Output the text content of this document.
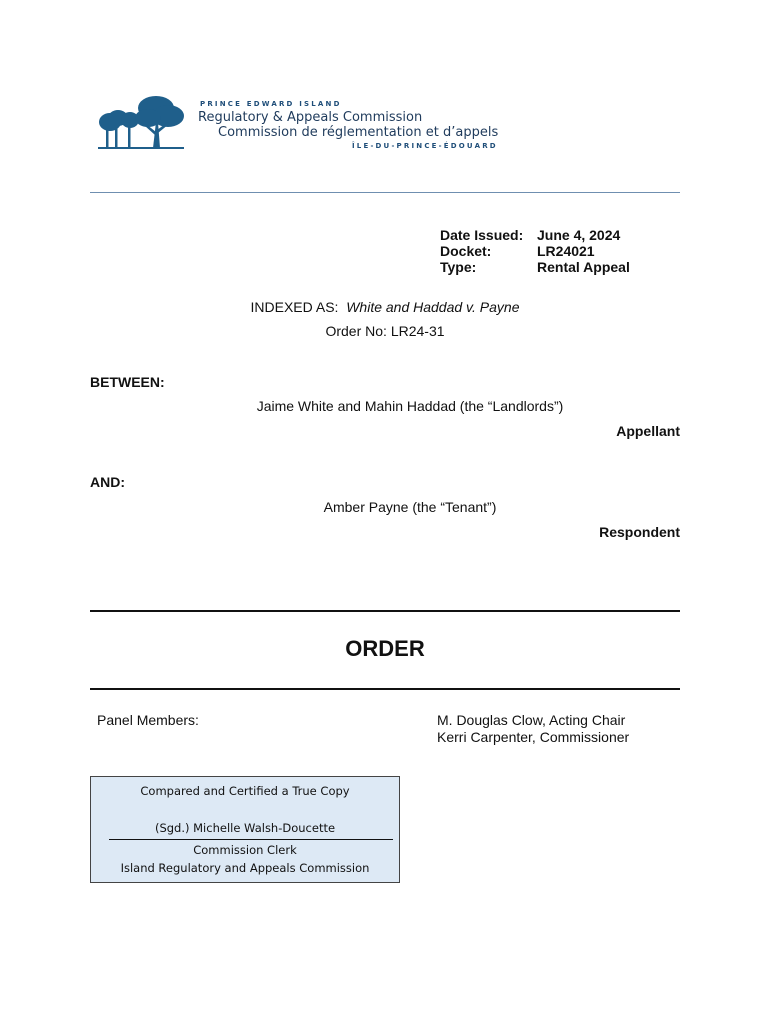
PRINCE EDWARD ISLAND
Regulatory & Appeals Commission
Commission de réglementation et d’appels
ÎLE-DU-PRINCE-ÉDOUARD
Date Issued: June 4, 2024
Docket:	LR24021
Type:	Rental Appeal
INDEXED AS: White and Haddad v. Payne
Order No: LR24-31
BETWEEN:
Jaime White and Mahin Haddad (the “Landlords”)
Appellant
AND:
Amber Payne (the “Tenant”)
Respondent
ORDER
Panel Members:	M. Douglas Clow, Acting Chair
Kerri Carpenter, Commissioner
Compared and Certified a True Copy
(Sgd.) Michelle Walsh-Doucette
Commission Clerk
Island Regulatory and Appeals Commission
